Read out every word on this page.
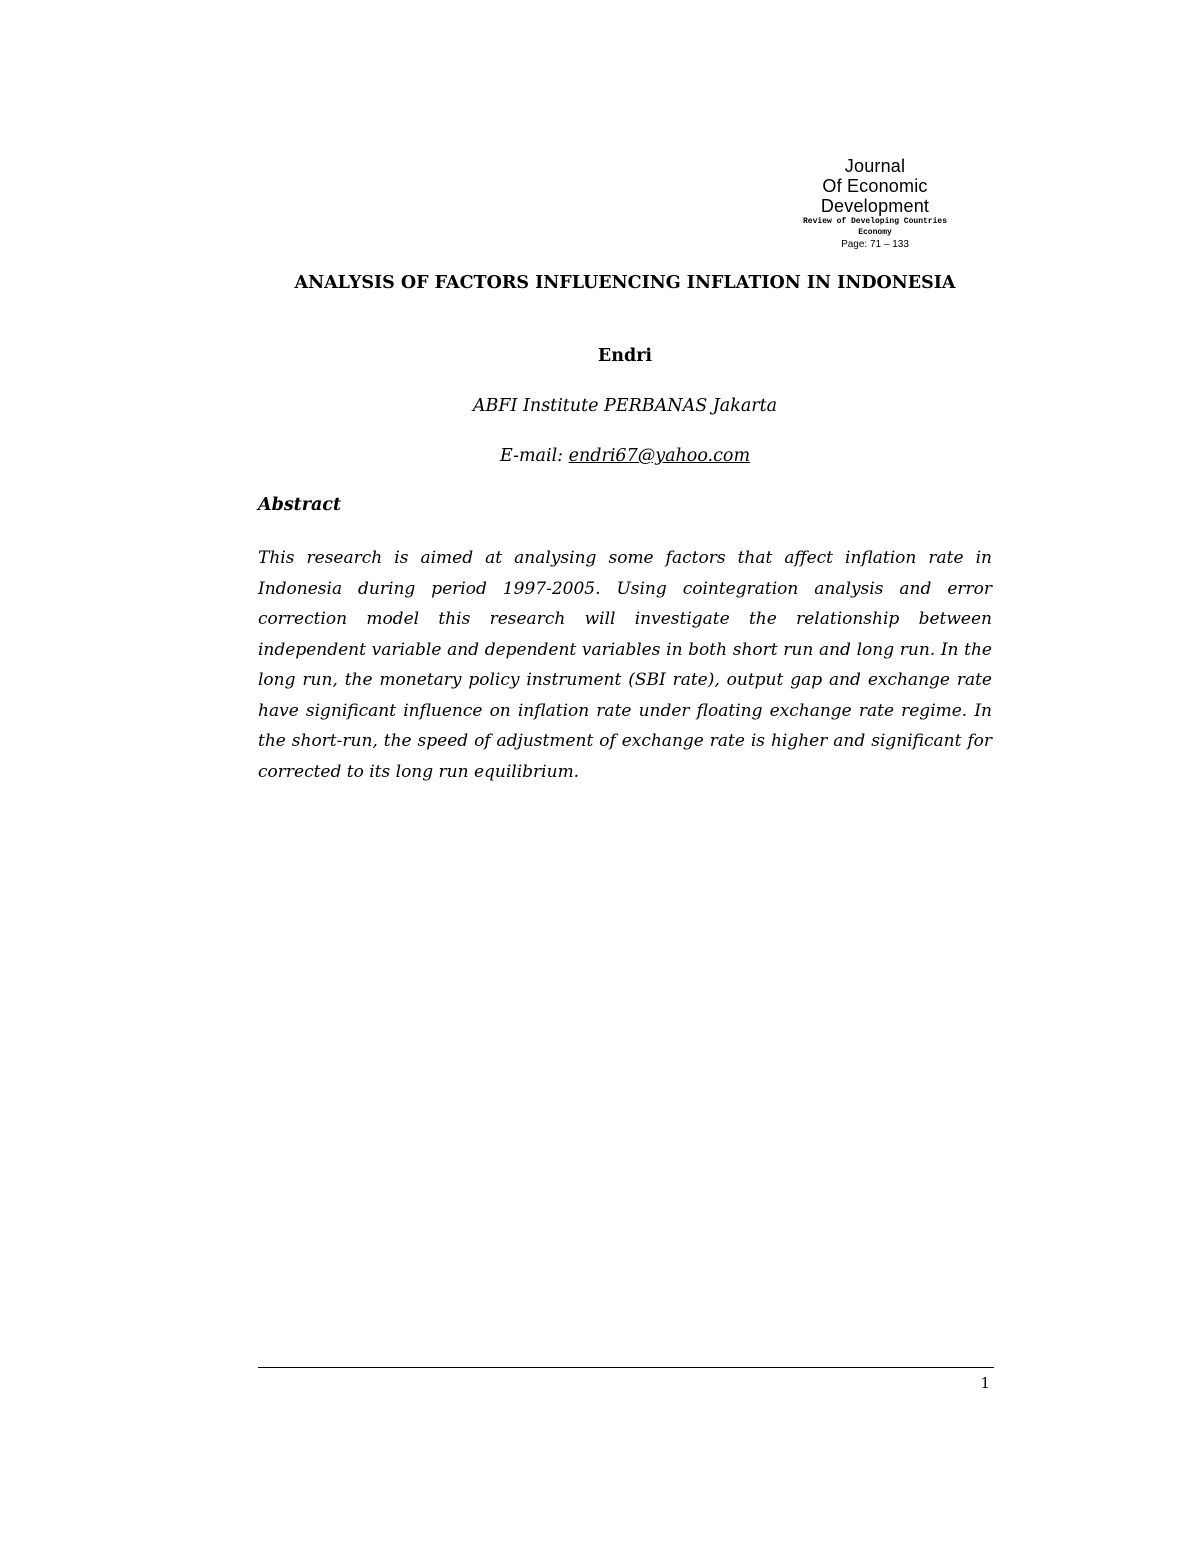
Journal
Of Economic
Development
Review of Developing Countries
Economy
Page: 71 – 133
ANALYSIS OF FACTORS INFLUENCING INFLATION IN INDONESIA

Endri

ABFI Institute PERBANAS Jakarta

E-mail: endri67@yahoo.com

Abstract

This research is aimed at analysing some factors that affect inflation rate in Indonesia during period 1997-2005. Using cointegration analysis and error correction model this research will investigate the relationship between independent variable and dependent variables in both short run and long run. In the long run, the monetary policy instrument (SBI rate), output gap and exchange rate have significant influence on inflation rate under floating exchange rate regime. In the short-run, the speed of adjustment of exchange rate is higher and significant for corrected to its long run equilibrium.

1
